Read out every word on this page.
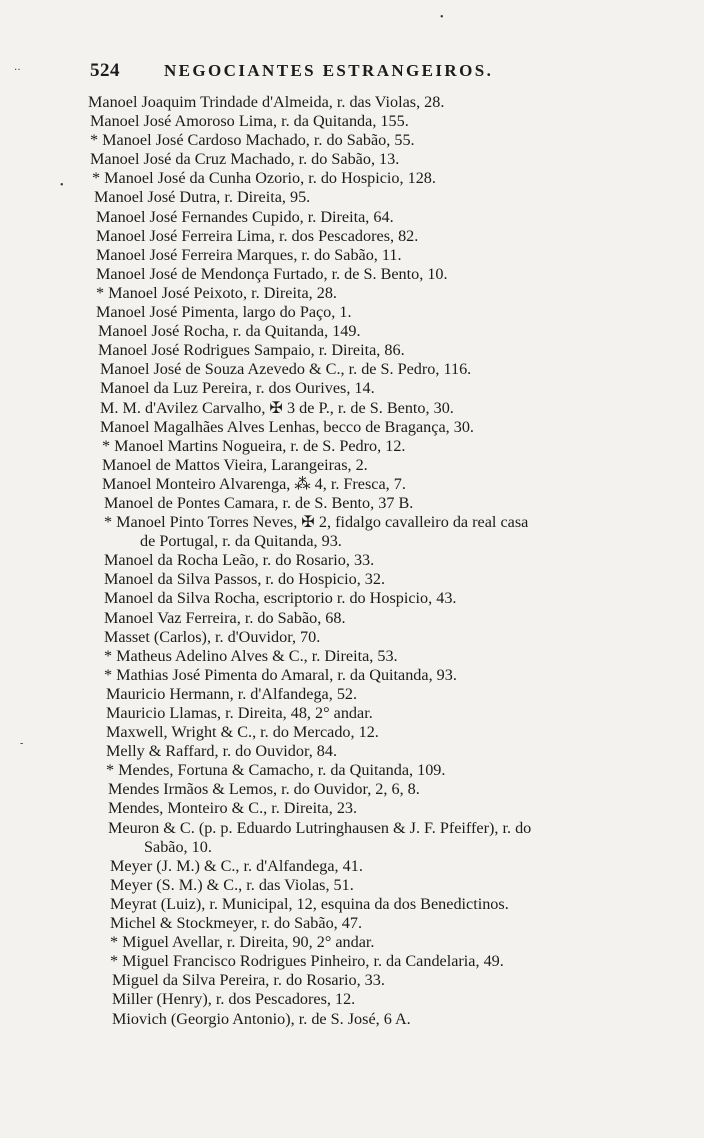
•
‥
•
-
524	NEGOCIANTES ESTRANGEIROS.
Manoel Joaquim Trindade d'Almeida, r. das Violas, 28.
Manoel José Amoroso Lima, r. da Quitanda, 155.
* Manoel José Cardoso Machado, r. do Sabão, 55.
Manoel José da Cruz Machado, r. do Sabão, 13.
* Manoel José da Cunha Ozorio, r. do Hospicio, 128.
Manoel José Dutra, r. Direita, 95.
Manoel José Fernandes Cupido, r. Direita, 64.
Manoel José Ferreira Lima, r. dos Pescadores, 82.
Manoel José Ferreira Marques, r. do Sabão, 11.
Manoel José de Mendonça Furtado, r. de S. Bento, 10.
* Manoel José Peixoto, r. Direita, 28.
Manoel José Pimenta, largo do Paço, 1.
Manoel José Rocha, r. da Quitanda, 149.
Manoel José Rodrigues Sampaio, r. Direita, 86.
Manoel José de Souza Azevedo & C., r. de S. Pedro, 116.
Manoel da Luz Pereira, r. dos Ourives, 14.
M. M. d'Avilez Carvalho, ✠ 3 de P., r. de S. Bento, 30.
Manoel Magalhães Alves Lenhas, becco de Bragança, 30.
* Manoel Martins Nogueira, r. de S. Pedro, 12.
Manoel de Mattos Vieira, Larangeiras, 2.
Manoel Monteiro Alvarenga, ⁂ 4, r. Fresca, 7.
Manoel de Pontes Camara, r. de S. Bento, 37 B.
* Manoel Pinto Torres Neves, ✠ 2, fidalgo cavalleiro da real casa
de Portugal, r. da Quitanda, 93.
Manoel da Rocha Leão, r. do Rosario, 33.
Manoel da Silva Passos, r. do Hospicio, 32.
Manoel da Silva Rocha, escriptorio r. do Hospicio, 43.
Manoel Vaz Ferreira, r. do Sabão, 68.
Masset (Carlos), r. d'Ouvidor, 70.
* Matheus Adelino Alves & C., r. Direita, 53.
* Mathias José Pimenta do Amaral, r. da Quitanda, 93.
Mauricio Hermann, r. d'Alfandega, 52.
Mauricio Llamas, r. Direita, 48, 2° andar.
Maxwell, Wright & C., r. do Mercado, 12.
Melly & Raffard, r. do Ouvidor, 84.
* Mendes, Fortuna & Camacho, r. da Quitanda, 109.
Mendes Irmãos & Lemos, r. do Ouvidor, 2, 6, 8.
Mendes, Monteiro & C., r. Direita, 23.
Meuron & C. (p. p. Eduardo Lutringhausen & J. F. Pfeiffer), r. do
Sabão, 10.
Meyer (J. M.) & C., r. d'Alfandega, 41.
Meyer (S. M.) & C., r. das Violas, 51.
Meyrat (Luiz), r. Municipal, 12, esquina da dos Benedictinos.
Michel & Stockmeyer, r. do Sabão, 47.
* Miguel Avellar, r. Direita, 90, 2° andar.
* Miguel Francisco Rodrigues Pinheiro, r. da Candelaria, 49.
Miguel da Silva Pereira, r. do Rosario, 33.
Miller (Henry), r. dos Pescadores, 12.
Miovich (Georgio Antonio), r. de S. José, 6 A.
